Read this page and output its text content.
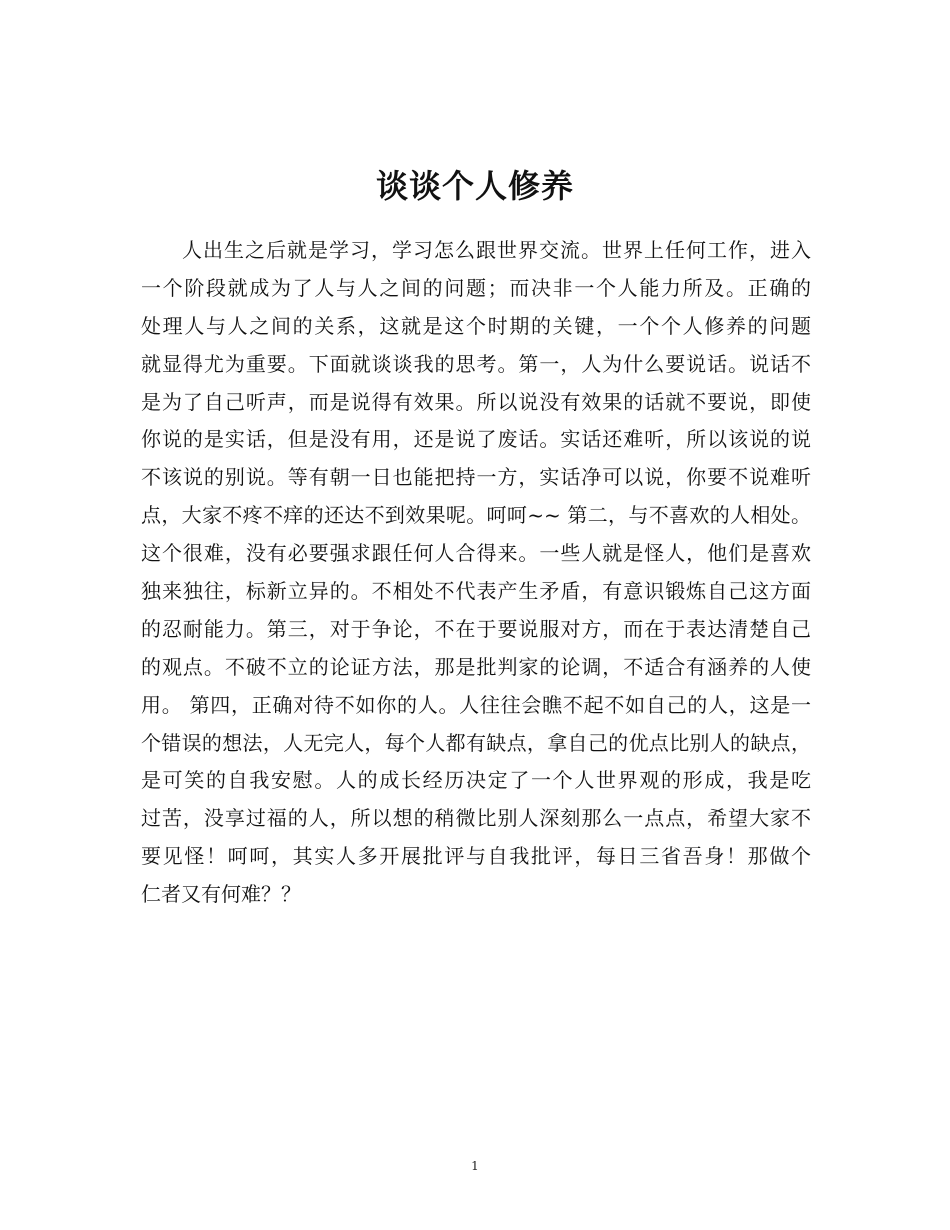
谈谈个人修养
人出生之后就是学习，学习怎么跟世界交流。世界上任何工作，进入
一个阶段就成为了人与人之间的问题；而决非一个人能力所及。正确的
处理人与人之间的关系，这就是这个时期的关键，一个个人修养的问题
就显得尤为重要。下面就谈谈我的思考。第一，人为什么要说话。说话不
是为了自己听声，而是说得有效果。所以说没有效果的话就不要说，即使
你说的是实话，但是没有用，还是说了废话。实话还难听，所以该说的说
不该说的别说。等有朝一日也能把持一方，实话净可以说，你要不说难听
点，大家不疼不痒的还达不到效果呢。呵呵~~ 第二，与不喜欢的人相处。
这个很难，没有必要强求跟任何人合得来。一些人就是怪人，他们是喜欢
独来独往，标新立异的。不相处不代表产生矛盾，有意识锻炼自己这方面
的忍耐能力。第三，对于争论，不在于要说服对方，而在于表达清楚自己
的观点。不破不立的论证方法，那是批判家的论调，不适合有涵养的人使
用。 第四，正确对待不如你的人。人往往会瞧不起不如自己的人，这是一
个错误的想法，人无完人，每个人都有缺点，拿自己的优点比别人的缺点，
是可笑的自我安慰。人的成长经历决定了一个人世界观的形成，我是吃
过苦，没享过福的人，所以想的稍微比别人深刻那么一点点，希望大家不
要见怪！呵呵，其实人多开展批评与自我批评，每日三省吾身！那做个
仁者又有何难？？
1
